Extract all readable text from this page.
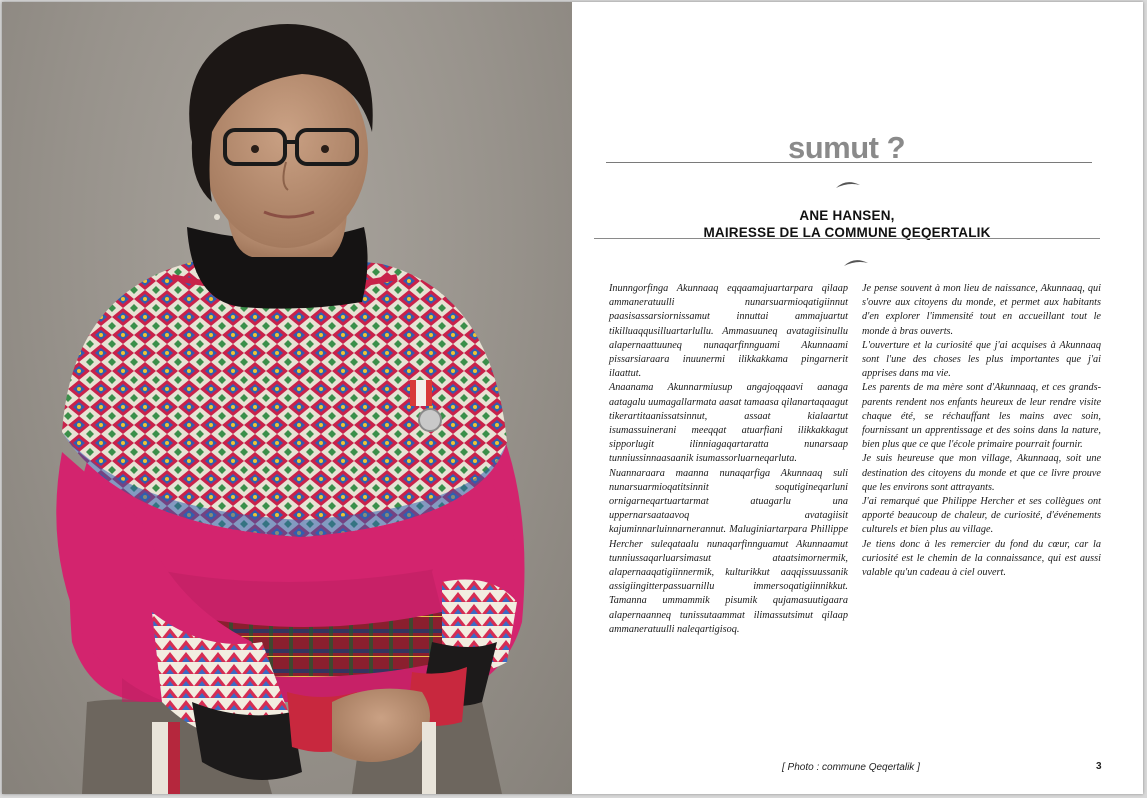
sumut ?
ANE HANSEN,
MAIRESSE DE LA COMMUNE QEQERTALIK

Inunngorfinga Akunnaaq eqqaamajuartarpara qilaap ammaneratuulli nunarsuarmioqatigiinnut paasisassarsiornissamut innuttai ammajuartut tikilluaqqusilluartarlullu. Ammasuuneq avatagiisinullu alapernaattuuneq nunaqarfinnguami Akunnaami pissarsiaraara inuunermi ilikkakkama pingarnerit ilaattut.

Anaanama Akunnarmiusup angajoqqaavi aanaga aatagalu uumagallarmata aasat tamaasa qilanartaqaagut tikerartitaanissatsinnut, assaat kialaartut isumassuinerani meeqqat atuarfiani ilikkakkagut sipporlugit ilinniagaqartaratta nunarsaap tunniussinnaasaanik isumassorluarneqarluta.

Nuannaraara maanna nunaqarfiga Akunnaaq suli nunarsuarmioqatitsinnit soqutigineqarluni ornigarneqartuartarmat atuagarlu una uppernarsaataavoq avatagiisit kajuminnarluinnarnerannut. Maluginiartarpara Phillippe Hercher suleqataalu nunaqarfinnguamut Akunnaamut tunniussaqarluarsimasut ataatsimornermik, alapernaaqatigiinnermik, kulturikkut aaqqissuussanik assigiingitterpassuarnillu immersoqatigiinnikkut. Tamanna ummammik pisumik qujamasuutigaara alapernaanneq tunissutaammat ilimassutsimut qilaap ammaneratuulli naleqartigisoq.

Je pense souvent à mon lieu de naissance, Akunnaaq, qui s'ouvre aux citoyens du monde, et permet aux habitants d'en explorer l'immensité tout en accueillant tout le monde à bras ouverts.

L'ouverture et la curiosité que j'ai acquises à Akunnaaq sont l'une des choses les plus importantes que j'ai apprises dans ma vie.

Les parents de ma mère sont d'Akunnaaq, et ces grands-parents rendent nos enfants heureux de leur rendre visite chaque été, se réchauffant les mains avec soin, fournissant un apprentissage et des soins dans la nature, bien plus que ce que l'école primaire pourrait fournir.

Je suis heureuse que mon village, Akunnaaq, soit une destination des citoyens du monde et que ce livre prouve que les environs sont attrayants.

J'ai remarqué que Philippe Hercher et ses collègues ont apporté beaucoup de chaleur, de curiosité, d'événements culturels et bien plus au village.

Je tiens donc à les remercier du fond du cœur, car la curiosité est le chemin de la connaissance, qui est aussi valable qu'un cadeau à ciel ouvert.

[ Photo : commune Qeqertalik ]	3
